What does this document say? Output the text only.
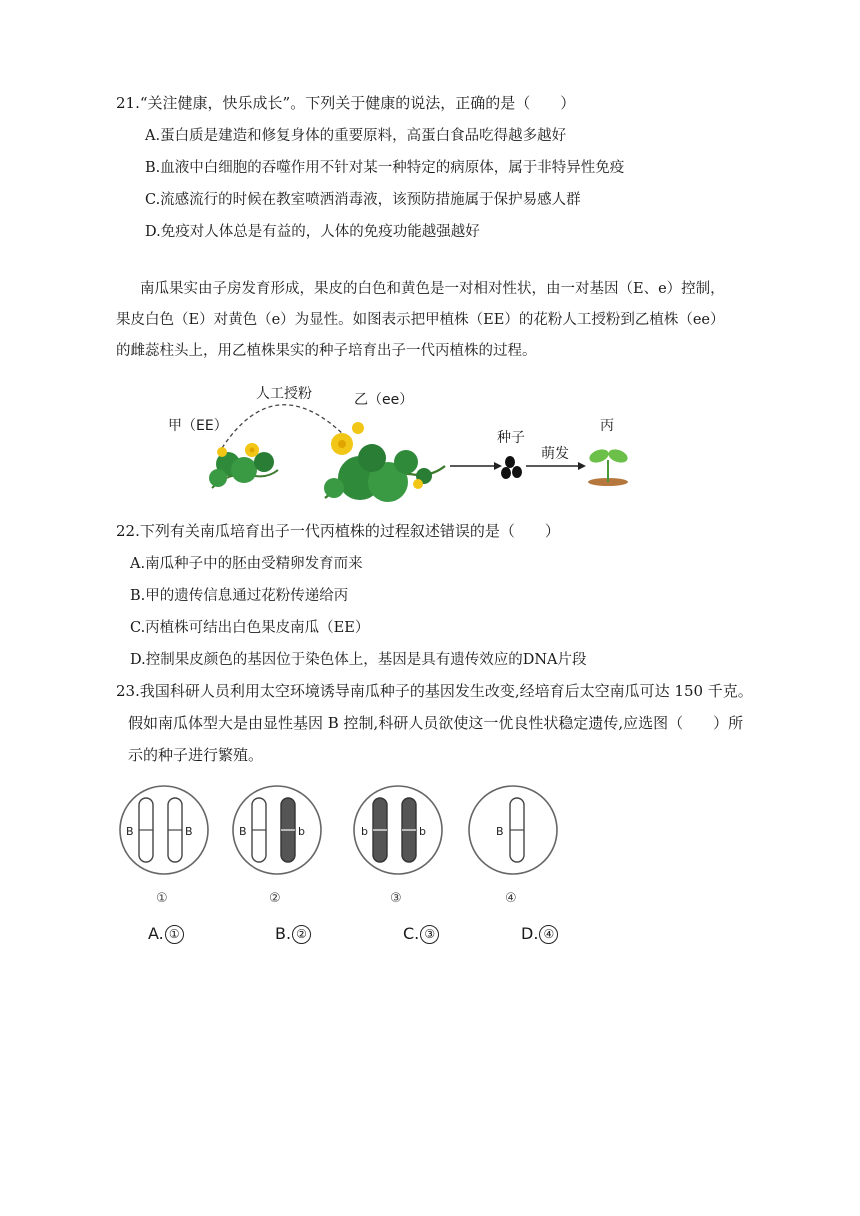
21.“关注健康，快乐成长”。下列关于健康的说法，正确的是（　　）
A.蛋白质是建造和修复身体的重要原料，高蛋白食品吃得越多越好
B.血液中白细胞的吞噬作用不针对某一种特定的病原体，属于非特异性免疫
C.流感流行的时候在教室喷洒消毒液，该预防措施属于保护易感人群
D.免疫对人体总是有益的，人体的免疫功能越强越好
南瓜果实由子房发育形成，果皮的白色和黄色是一对相对性状，由一对基因（E、e）控制，
果皮白色（E）对黄色（e）为显性。如图表示把甲植株（EE）的花粉人工授粉到乙植株（ee）
的雌蕊柱头上，用乙植株果实的种子培育出子一代丙植株的过程。
人工授粉
甲（EE）
乙（ee）
种子
萌发
丙
22.下列有关南瓜培育出子一代丙植株的过程叙述错误的是（　　）
A.南瓜种子中的胚由受精卵发育而来
B.甲的遗传信息通过花粉传递给丙
C.丙植株可结出白色果皮南瓜（EE）
D.控制果皮颜色的基因位于染色体上，基因是具有遗传效应的DNA片段
23.我国科研人员利用太空环境诱导南瓜种子的基因发生改变,经培育后太空南瓜可达 150 千克。
假如南瓜体型大是由显性基因 B 控制,科研人员欲使这一优良性状稳定遗传,应选图（　　）所
示的种子进行繁殖。
B	B
①
B	b
②
b	b
③
B
④
A. ①	B. ②	C. ③	D. ④
